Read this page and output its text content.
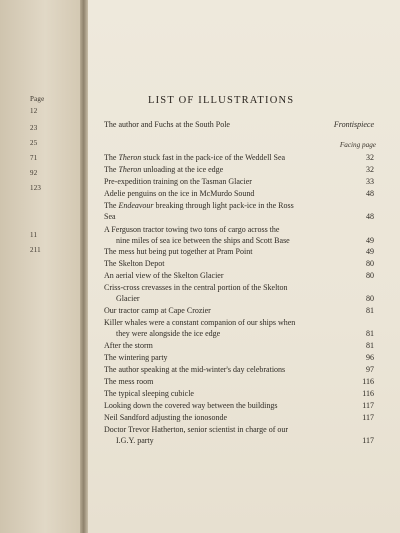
Page
12
23
25
71
92
123
11
211
LIST OF ILLUSTRATIONS
Facing page
The author and Fuchs at the South Pole	Frontispiece
The Theron stuck fast in the pack-ice of the Weddell Sea	32
The Theron unloading at the ice edge	32
Pre-expedition training on the Tasman Glacier	33
Adelie penguins on the ice in McMurdo Sound	48
The Endeavour breaking through light pack-ice in the Ross
Sea	48
A Ferguson tractor towing two tons of cargo across the
nine miles of sea ice between the ships and Scott Base	49
The mess hut being put together at Pram Point	49
The Skelton Depot	80
An aerial view of the Skelton Glacier	80
Criss-cross crevasses in the central portion of the Skelton
Glacier	80
Our tractor camp at Cape Crozier	81
Killer whales were a constant companion of our ships when
they were alongside the ice edge	81
After the storm	81
The wintering party	96
The author speaking at the mid-winter's day celebrations	97
The mess room	116
The typical sleeping cubicle	116
Looking down the covered way between the buildings	117
Neil Sandford adjusting the ionosonde	117
Doctor Trevor Hatherton, senior scientist in charge of our
I.G.Y. party	117
